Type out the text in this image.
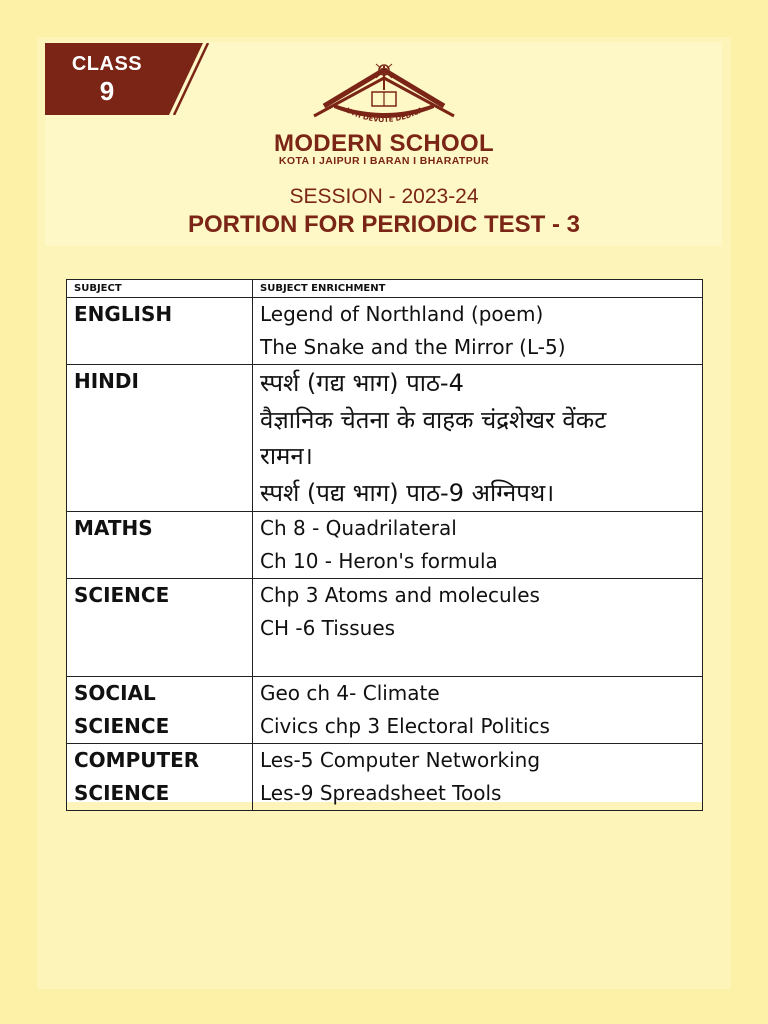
CLASS
9
UTH DEVOTE DEDICA
MODERN SCHOOL
KOTA I JAIPUR I BARAN I BHARATPUR
SESSION - 2023-24
PORTION FOR PERIODIC TEST - 3
SUBJECT	SUBJECT ENRICHMENT

ENGLISH	Legend of Northland (poem)
The Snake and the Mirror (L-5)

HINDI	स्पर्श (गद्य भाग) पाठ-4
वैज्ञानिक चेतना के वाहक चंद्रशेखर वेंकट
रामन।
स्पर्श (पद्य भाग) पाठ-9 अग्निपथ।

MATHS	Ch 8 - Quadrilateral
Ch 10 - Heron's formula

SCIENCE	Chp 3 Atoms and molecules
CH -6 Tissues

SOCIAL
SCIENCE	Geo ch 4- Climate
Civics chp 3 Electoral Politics

COMPUTER
SCIENCE	Les-5 Computer Networking
Les-9 Spreadsheet Tools
